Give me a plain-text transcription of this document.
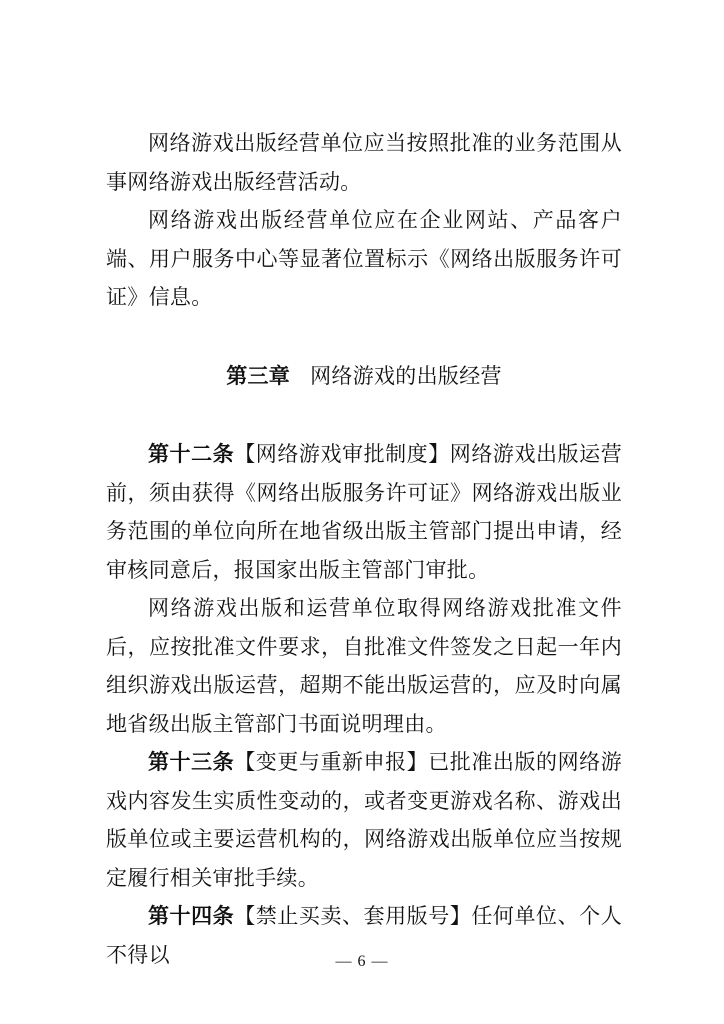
网络游戏出版经营单位应当按照批准的业务范围从事网络游戏出版经营活动。

网络游戏出版经营单位应在企业网站、产品客户端、用户服务中心等显著位置标示《网络出版服务许可证》信息。

第三章 网络游戏的出版经营

第十二条【网络游戏审批制度】网络游戏出版运营前，须由获得《网络出版服务许可证》网络游戏出版业务范围的单位向所在地省级出版主管部门提出申请，经审核同意后，报国家出版主管部门审批。

网络游戏出版和运营单位取得网络游戏批准文件后，应按批准文件要求，自批准文件签发之日起一年内组织游戏出版运营，超期不能出版运营的，应及时向属地省级出版主管部门书面说明理由。

第十三条【变更与重新申报】已批准出版的网络游戏内容发生实质性变动的，或者变更游戏名称、游戏出版单位或主要运营机构的，网络游戏出版单位应当按规定履行相关审批手续。

第十四条【禁止买卖、套用版号】任何单位、个人不得以	— 6 —
